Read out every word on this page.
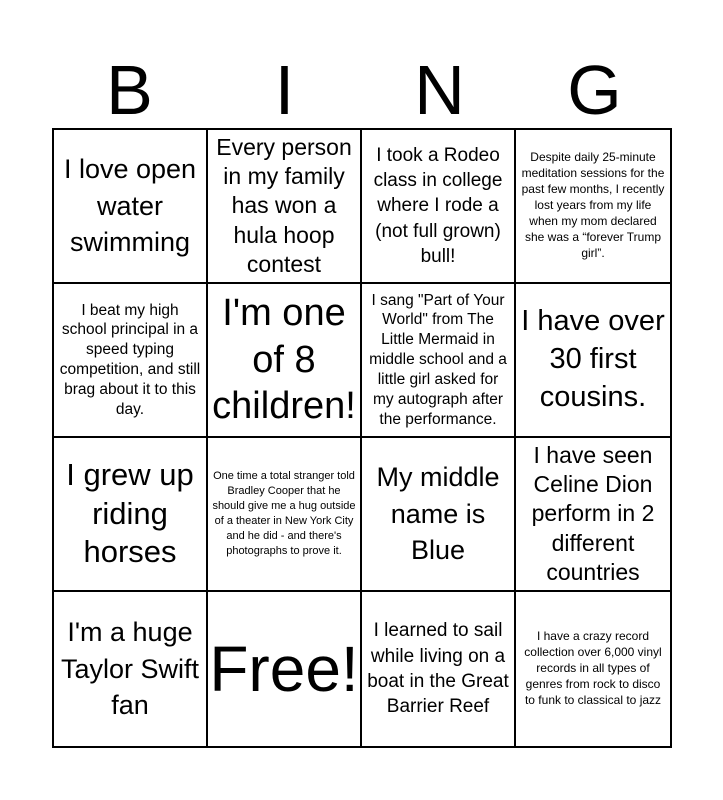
B	I	N	G
I love open water swimming
Every person in my family has won a hula hoop contest
I took a Rodeo class in college where I rode a (not full grown) bull!
Despite daily 25-minute meditation sessions for the past few months, I recently lost years from my life when my mom declared she was a “forever Trump girl”.
I beat my high school principal in a speed typing competition, and still brag about it to this day.
I'm one of 8 children!
I sang "Part of Your World" from The Little Mermaid in middle school and a little girl asked for my autograph after the performance.
I have over 30 first cousins.
I grew up riding horses
One time a total stranger told Bradley Cooper that he should give me a hug outside of a theater in New York City and he did - and there's photographs to prove it.
My middle name is Blue
I have seen Celine Dion perform in 2 different countries
I'm a huge Taylor Swift fan
Free!
I learned to sail while living on a boat in the Great Barrier Reef
I have a crazy record collection over 6,000 vinyl records in all types of genres from rock to disco to funk to classical to jazz
